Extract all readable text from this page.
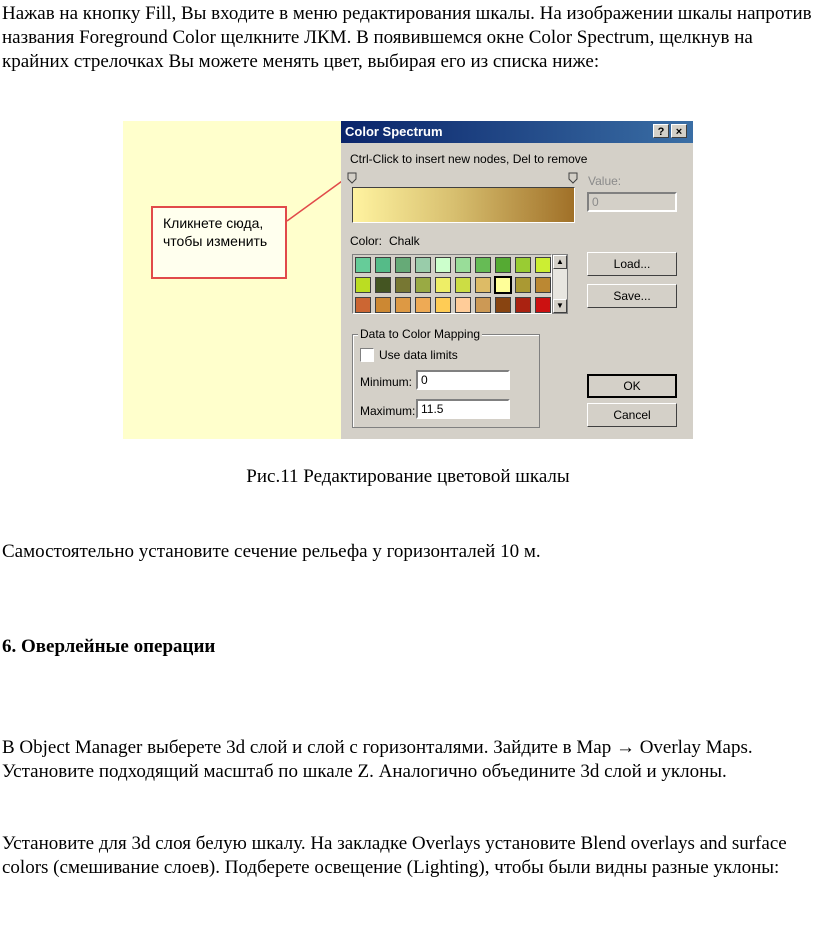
Нажав на кнопку Fill, Вы входите в меню редактирования шкалы. На изображении шкалы напротив названия Foreground Color щелкните ЛКМ. В появившемся окне Color Spectrum, щелкнув на крайних стрелочках Вы можете менять цвет, выбирая его из списка ниже:

Кликнете сюда, чтобы изменить
Color Spectrum	?	×
Ctrl-Click to insert new nodes, Del to remove
Value:
0
Color: Chalk
▲
▼
Load...
Save...
Data to Color Mapping
Use data limits
Minimum: 0
Maximum: 11.5
OK
Cancel
Рис.11 Редактирование цветовой шкалы

Самостоятельно установите сечение рельефа у горизонталей 10 м.

6. Оверлейные операции

В Object Manager выберете 3d слой и слой с горизонталями. Зайдите в Map → Overlay Maps. Установите подходящий масштаб по шкале Z. Аналогично объедините 3d слой и уклоны.

Установите для 3d слоя белую шкалу. На закладке Overlays установите Blend overlays and surface colors (смешивание слоев). Подберете освещение (Lighting), чтобы были видны разные уклоны:
